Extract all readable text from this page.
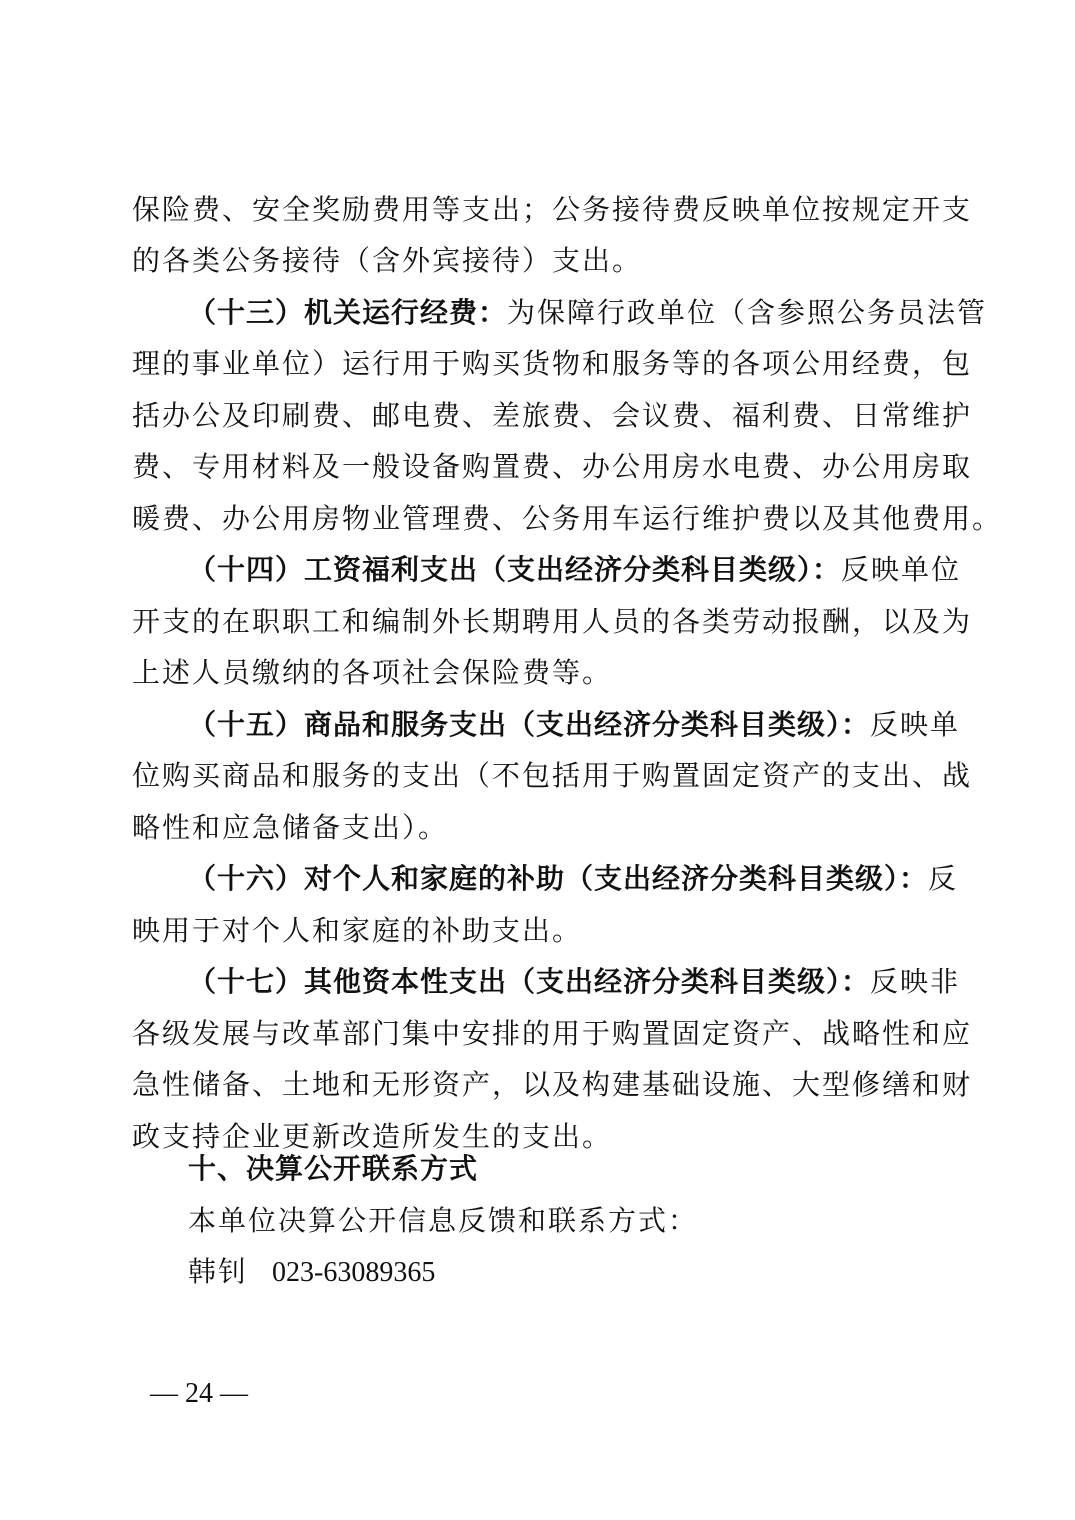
保险费、安全奖励费用等支出；公务接待费反映单位按规定开支
的各类公务接待（含外宾接待）支出。
（十三）机关运行经费：为保障行政单位（含参照公务员法管
理的事业单位）运行用于购买货物和服务等的各项公用经费，包
括办公及印刷费、邮电费、差旅费、会议费、福利费、日常维护
费、专用材料及一般设备购置费、办公用房水电费、办公用房取
暖费、办公用房物业管理费、公务用车运行维护费以及其他费用。
（十四）工资福利支出（支出经济分类科目类级）：反映单位
开支的在职职工和编制外长期聘用人员的各类劳动报酬，以及为
上述人员缴纳的各项社会保险费等。
（十五）商品和服务支出（支出经济分类科目类级）：反映单
位购买商品和服务的支出（不包括用于购置固定资产的支出、战
略性和应急储备支出）。
（十六）对个人和家庭的补助（支出经济分类科目类级）：反
映用于对个人和家庭的补助支出。
（十七）其他资本性支出（支出经济分类科目类级）：反映非
各级发展与改革部门集中安排的用于购置固定资产、战略性和应
急性储备、土地和无形资产，以及构建基础设施、大型修缮和财
政支持企业更新改造所发生的支出。
十、决算公开联系方式
本单位决算公开信息反馈和联系方式：
韩钊 023-63089365
— 24 —
